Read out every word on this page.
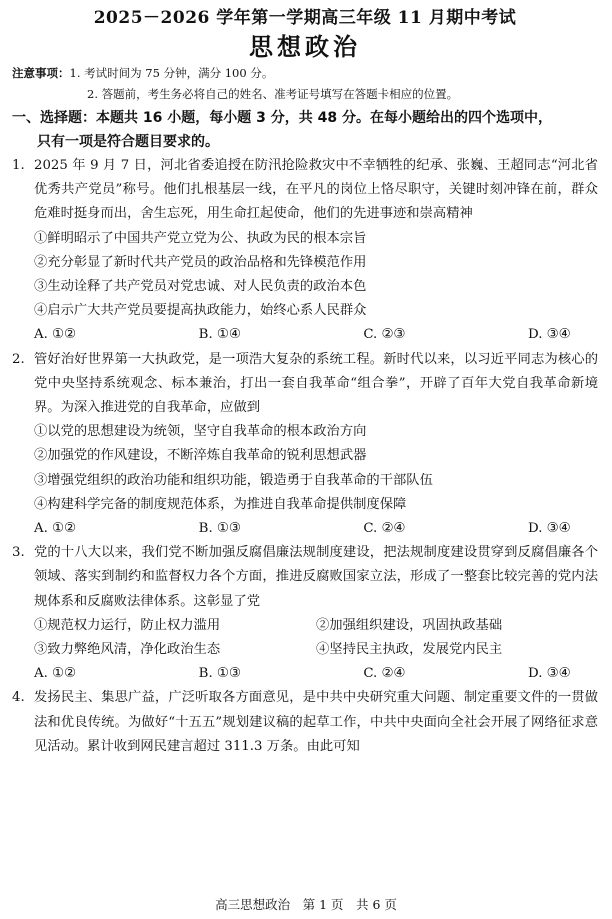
2025－2026 学年第一学期高三年级 11 月期中考试
思想政治
注意事项：1. 考试时间为 75 分钟，满分 100 分。
2. 答题前，考生务必将自己的姓名、准考证号填写在答题卡相应的位置。
一、选择题：本题共 16 小题，每小题 3 分，共 48 分。在每小题给出的四个选项中，
只有一项是符合题目要求的。
1. 2025 年 9 月 7 日，河北省委追授在防汛抢险救灾中不幸牺牲的纪承、张巍、王超同志“河北省优秀共产党员”称号。他们扎根基层一线，在平凡的岗位上恪尽职守，关键时刻冲锋在前，群众危难时挺身而出，舍生忘死，用生命扛起使命，他们的先进事迹和崇高精神
①鲜明昭示了中国共产党立党为公、执政为民的根本宗旨
②充分彰显了新时代共产党员的政治品格和先锋模范作用
③生动诠释了共产党员对党忠诚、对人民负责的政治本色
④启示广大共产党员要提高执政能力，始终心系人民群众
A. ①②	B. ①④	C. ②③	D. ③④
2. 管好治好世界第一大执政党，是一项浩大复杂的系统工程。新时代以来，以习近平同志为核心的党中央坚持系统观念、标本兼治，打出一套自我革命“组合拳”，开辟了百年大党自我革命新境界。为深入推进党的自我革命，应做到
①以党的思想建设为统领，坚守自我革命的根本政治方向
②加强党的作风建设，不断淬炼自我革命的锐利思想武器
③增强党组织的政治功能和组织功能，锻造勇于自我革命的干部队伍
④构建科学完备的制度规范体系，为推进自我革命提供制度保障
A. ①②	B. ①③	C. ②④	D. ③④
3. 党的十八大以来，我们党不断加强反腐倡廉法规制度建设，把法规制度建设贯穿到反腐倡廉各个领域、落实到制约和监督权力各个方面，推进反腐败国家立法，形成了一整套比较完善的党内法规体系和反腐败法律体系。这彰显了党
①规范权力运行，防止权力滥用	②加强组织建设，巩固执政基础
③致力弊绝风清，净化政治生态	④坚持民主执政，发展党内民主
A. ①②	B. ①③	C. ②④	D. ③④
4. 发扬民主、集思广益，广泛听取各方面意见，是中共中央研究重大问题、制定重要文件的一贯做法和优良传统。为做好“十五五”规划建议稿的起草工作，中共中央面向全社会开展了网络征求意见活动。累计收到网民建言超过 311.3 万条。由此可知
高三思想政治　第 1 页　共 6 页
